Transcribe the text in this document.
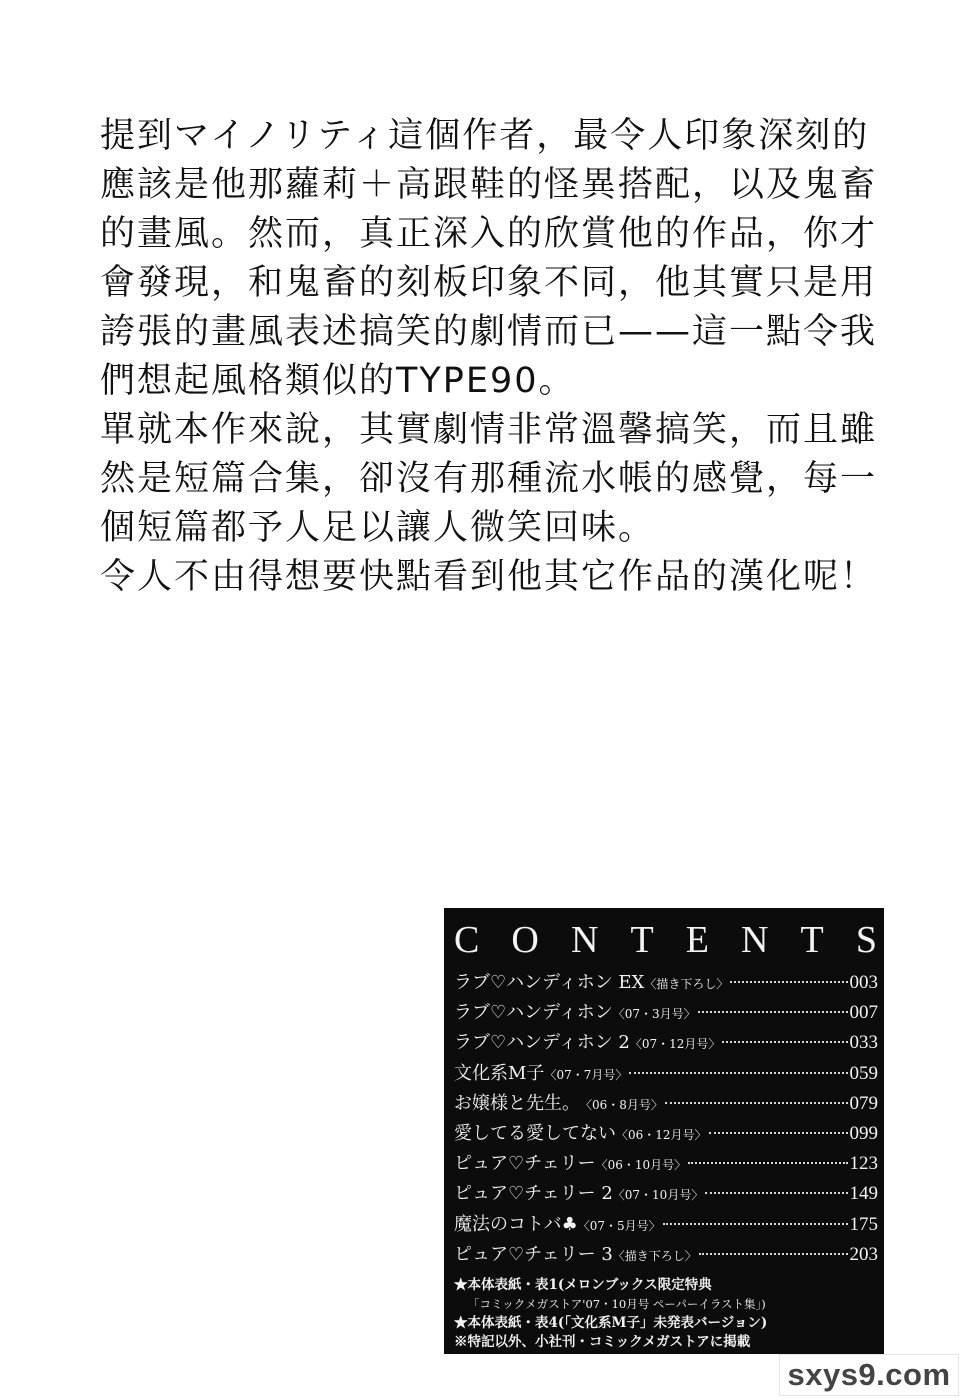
提到マイノリティ這個作者，最令人印象深刻的
應該是他那蘿莉＋高跟鞋的怪異搭配，以及鬼畜
的畫風。然而，真正深入的欣賞他的作品，你才
會發現，和鬼畜的刻板印象不同，他其實只是用
誇張的畫風表述搞笑的劇情而已——這一點令我
們想起風格類似的TYPE90。
單就本作來說，其實劇情非常溫馨搞笑，而且雖
然是短篇合集，卻沒有那種流水帳的感覺，每一
個短篇都予人足以讓人微笑回味。
令人不由得想要快點看到他其它作品的漢化呢！
C O N T E N T S
ラブ♡ハンディホン EX 〈描き下ろし〉	003
ラブ♡ハンディホン 〈07・3月号〉	007
ラブ♡ハンディホン 2 〈07・12月号〉	033
文化系M子 〈07・7月号〉	059
お嬢様と先生。 〈06・8月号〉	079
愛してる愛してない 〈06・12月号〉	099
ピュア♡チェリー 〈06・10月号〉	123
ピュア♡チェリー 2 〈07・10月号〉	149
魔法のコトバ♣ 〈07・5月号〉	175
ピュア♡チェリー 3 〈描き下ろし〉	203
★本体表紙・表1(メロンブックス限定特典
「コミックメガストア'07・10月号 ペーパーイラスト集」)
★本体表紙・表4(「文化系M子」未発表バージョン)
※特記以外、小社刊・コミックメガストアに掲載
sxys9.com
